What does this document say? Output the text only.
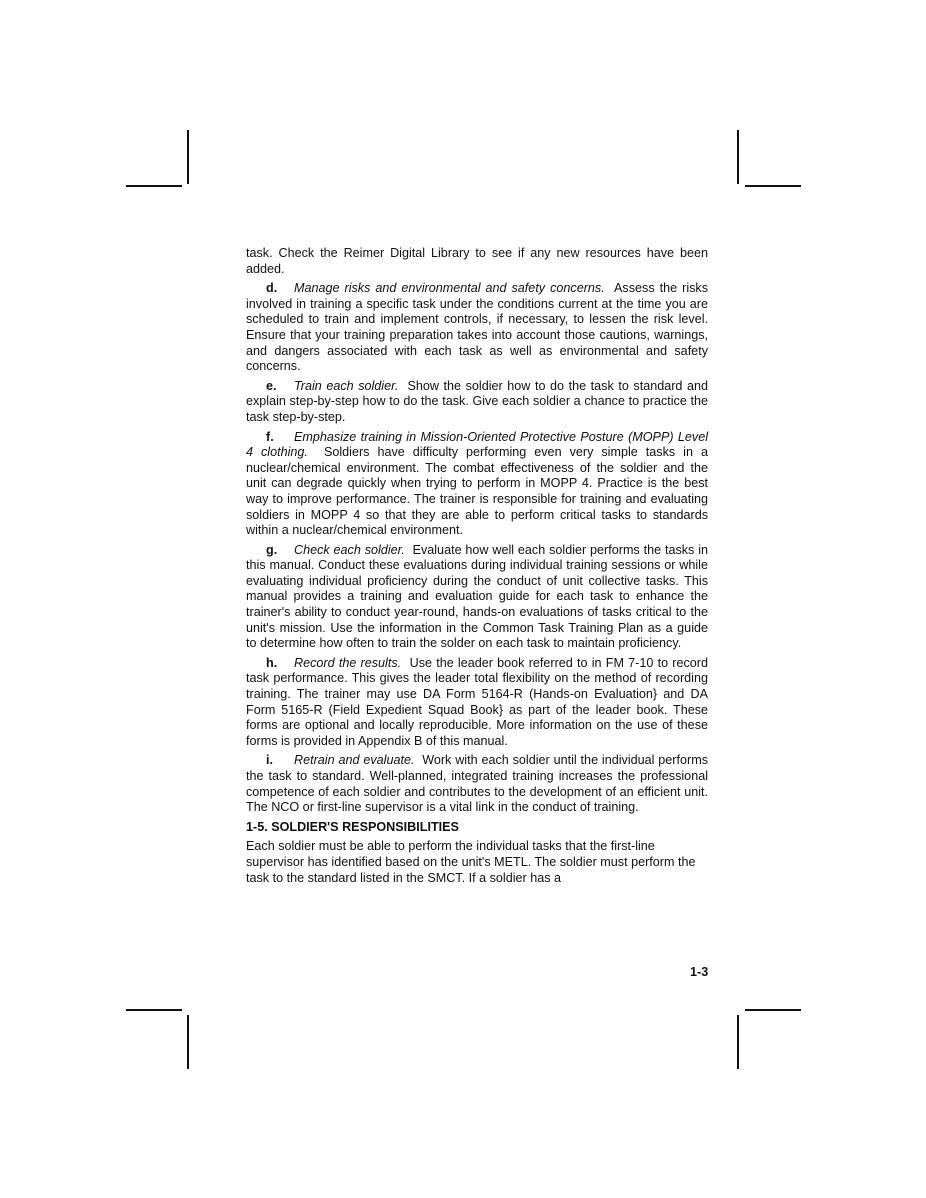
task. Check the Reimer Digital Library to see if any new resources have been added.

d. Manage risks and environmental and safety concerns. Assess the risks involved in training a specific task under the conditions current at the time you are scheduled to train and implement controls, if necessary, to lessen the risk level. Ensure that your training preparation takes into account those cautions, warnings, and dangers associated with each task as well as environmental and safety concerns.

e. Train each soldier. Show the soldier how to do the task to standard and explain step-by-step how to do the task. Give each soldier a chance to practice the task step-by-step.

f. Emphasize training in Mission-Oriented Protective Posture (MOPP) Level 4 clothing. Soldiers have difficulty performing even very simple tasks in a nuclear/chemical environment. The combat effectiveness of the soldier and the unit can degrade quickly when trying to perform in MOPP 4. Practice is the best way to improve performance. The trainer is responsible for training and evaluating soldiers in MOPP 4 so that they are able to perform critical tasks to standards within a nuclear/chemical environment.

g. Check each soldier. Evaluate how well each soldier performs the tasks in this manual. Conduct these evaluations during individual training sessions or while evaluating individual proficiency during the conduct of unit collective tasks. This manual provides a training and evaluation guide for each task to enhance the trainer's ability to conduct year-round, hands-on evaluations of tasks critical to the unit's mission. Use the information in the Common Task Training Plan as a guide to determine how often to train the solder on each task to maintain proficiency.

h. Record the results. Use the leader book referred to in FM 7-10 to record task performance. This gives the leader total flexibility on the method of recording training. The trainer may use DA Form 5164-R (Hands-on Evaluation} and DA Form 5165-R (Field Expedient Squad Book} as part of the leader book. These forms are optional and locally reproducible. More information on the use of these forms is provided in Appendix B of this manual.

i. Retrain and evaluate. Work with each soldier until the individual performs the task to standard. Well-planned, integrated training increases the professional competence of each soldier and contributes to the development of an efficient unit. The NCO or first-line supervisor is a vital link in the conduct of training.

1-5. SOLDIER'S RESPONSIBILITIES

Each soldier must be able to perform the individual tasks that the first-line supervisor has identified based on the unit's METL. The soldier must perform the task to the standard listed in the SMCT. If a soldier has a

1-3
